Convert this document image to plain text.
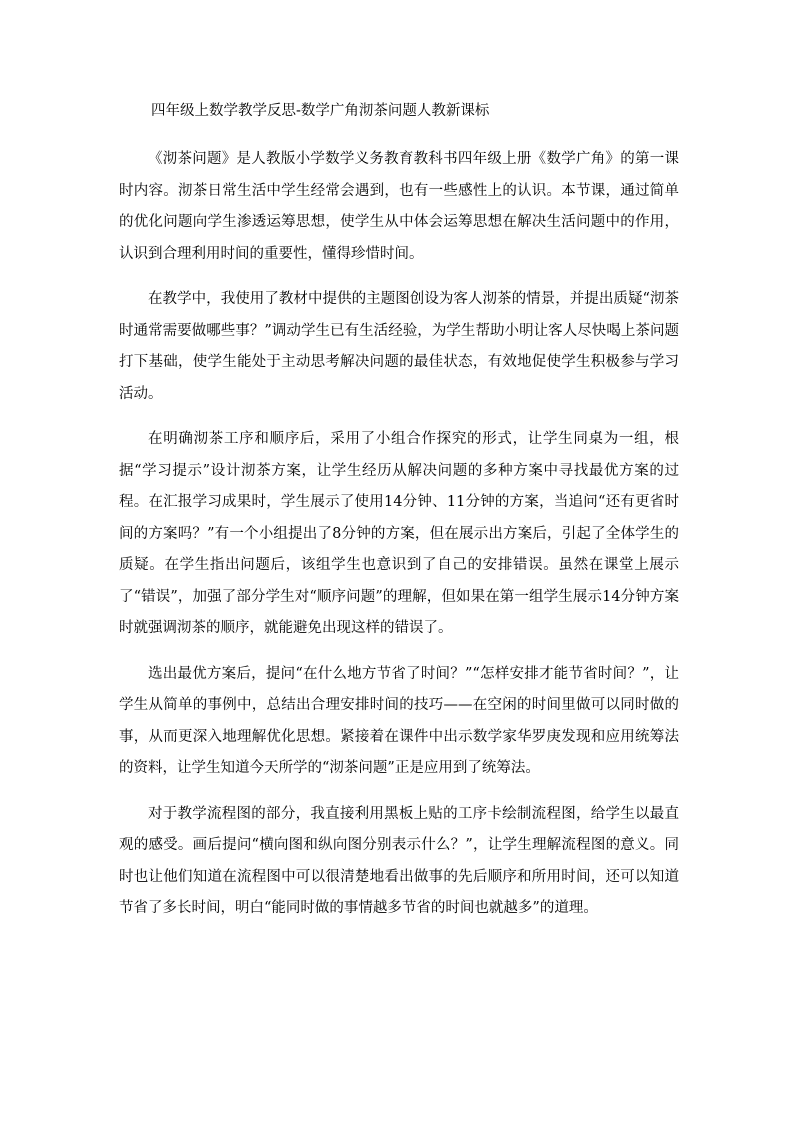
四年级上数学教学反思-数学广角沏茶问题人教新课标

《沏茶问题》是人教版小学数学义务教育教科书四年级上册《数学广角》的第一课时内容。沏茶日常生活中学生经常会遇到，也有一些感性上的认识。本节课，通过简单的优化问题向学生渗透运筹思想，使学生从中体会运筹思想在解决生活问题中的作用，认识到合理利用时间的重要性，懂得珍惜时间。

在教学中，我使用了教材中提供的主题图创设为客人沏茶的情景，并提出质疑“沏茶时通常需要做哪些事？”调动学生已有生活经验，为学生帮助小明让客人尽快喝上茶问题打下基础，使学生能处于主动思考解决问题的最佳状态，有效地促使学生积极参与学习活动。

在明确沏茶工序和顺序后，采用了小组合作探究的形式，让学生同桌为一组，根据“学习提示”设计沏茶方案，让学生经历从解决问题的多种方案中寻找最优方案的过程。在汇报学习成果时，学生展示了使用14分钟、11分钟的方案，当追问“还有更省时间的方案吗？”有一个小组提出了8分钟的方案，但在展示出方案后，引起了全体学生的质疑。在学生指出问题后，该组学生也意识到了自己的安排错误。虽然在课堂上展示了“错误”，加强了部分学生对“顺序问题”的理解，但如果在第一组学生展示14分钟方案时就强调沏茶的顺序，就能避免出现这样的错误了。

选出最优方案后，提问“在什么地方节省了时间？”“怎样安排才能节省时间？”，让学生从简单的事例中，总结出合理安排时间的技巧——在空闲的时间里做可以同时做的事，从而更深入地理解优化思想。紧接着在课件中出示数学家华罗庚发现和应用统筹法的资料，让学生知道今天所学的“沏茶问题”正是应用到了统筹法。

对于教学流程图的部分，我直接利用黑板上贴的工序卡绘制流程图，给学生以最直观的感受。画后提问“横向图和纵向图分别表示什么？”，让学生理解流程图的意义。同时也让他们知道在流程图中可以很清楚地看出做事的先后顺序和所用时间，还可以知道节省了多长时间，明白“能同时做的事情越多节省的时间也就越多”的道理。
